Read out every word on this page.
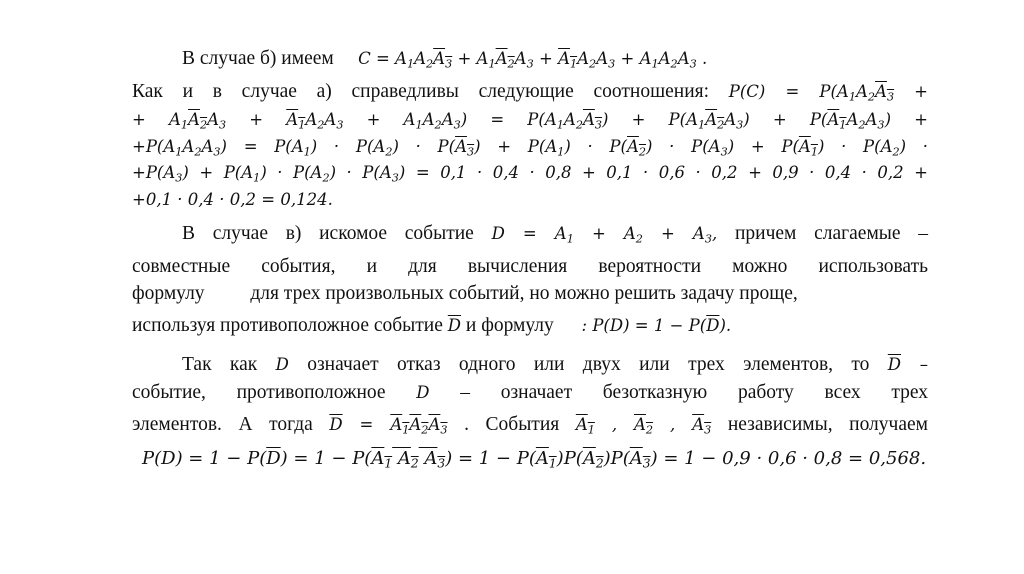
В случае б) имеем     $C = A_1A_2A_3 + A_1A_2A_3 + A_1A_2A_3 + A_1A_2A_3$ .
Как и в случае а) справедливы следующие соотношения: $P(C) = P(A_1A_2A_3$ +
+ $A_1A_2A_3 + A_1A_2A_3 + A_1A_2A_3) = P(A_1A_2A_3) + P(A_1A_2A_3) + P(A_1A_2A_3)$ +
$+P(A_1A_2A_3) = P(A_1) \cdot P(A_2) \cdot P(A_3) + P(A_1) \cdot P(A_2) \cdot P(A_3) + P(A_1) \cdot P(A_2)$ ·
$+P(A_3) + P(A_1) \cdot P(A_2) \cdot P(A_3) = 0,1 \cdot 0,4 \cdot 0,8 + 0,1 \cdot 0,6 \cdot 0,2 + 0,9 \cdot 0,4 \cdot 0,2$ +
+0,1 · 0,4 · 0,2 = 0,124.
В случае в) искомое событие $D = A_1 + A_2 + A_3$, причем слагаемые –
совместные события, и для вычисления вероятности можно использовать
формулу для трех произвольных событий, но можно решить задачу проще,
используя противоположное событие $\overline{D}$ и формулу : $P(D) = 1 - P(\overline{D})$.
Так как D означает отказ одного или двух или трех элементов, то $\overline{D}$ –
событие, противоположное D – означает безотказную работу всех трех
элементов. А тогда $\overline{D} = A_1A_2A_3$ . События $A_1$ , $A_2$ , $A_3$ независимы, получаем
$P(D) = 1 - P(\overline{D}) = 1 - P(A_1$ $A_2$ $A_3) = 1 - P(A_1)P(A_2)P(A_3) = 1 - 0,9 \cdot 0,6 \cdot 0,8 = 0,568$.
